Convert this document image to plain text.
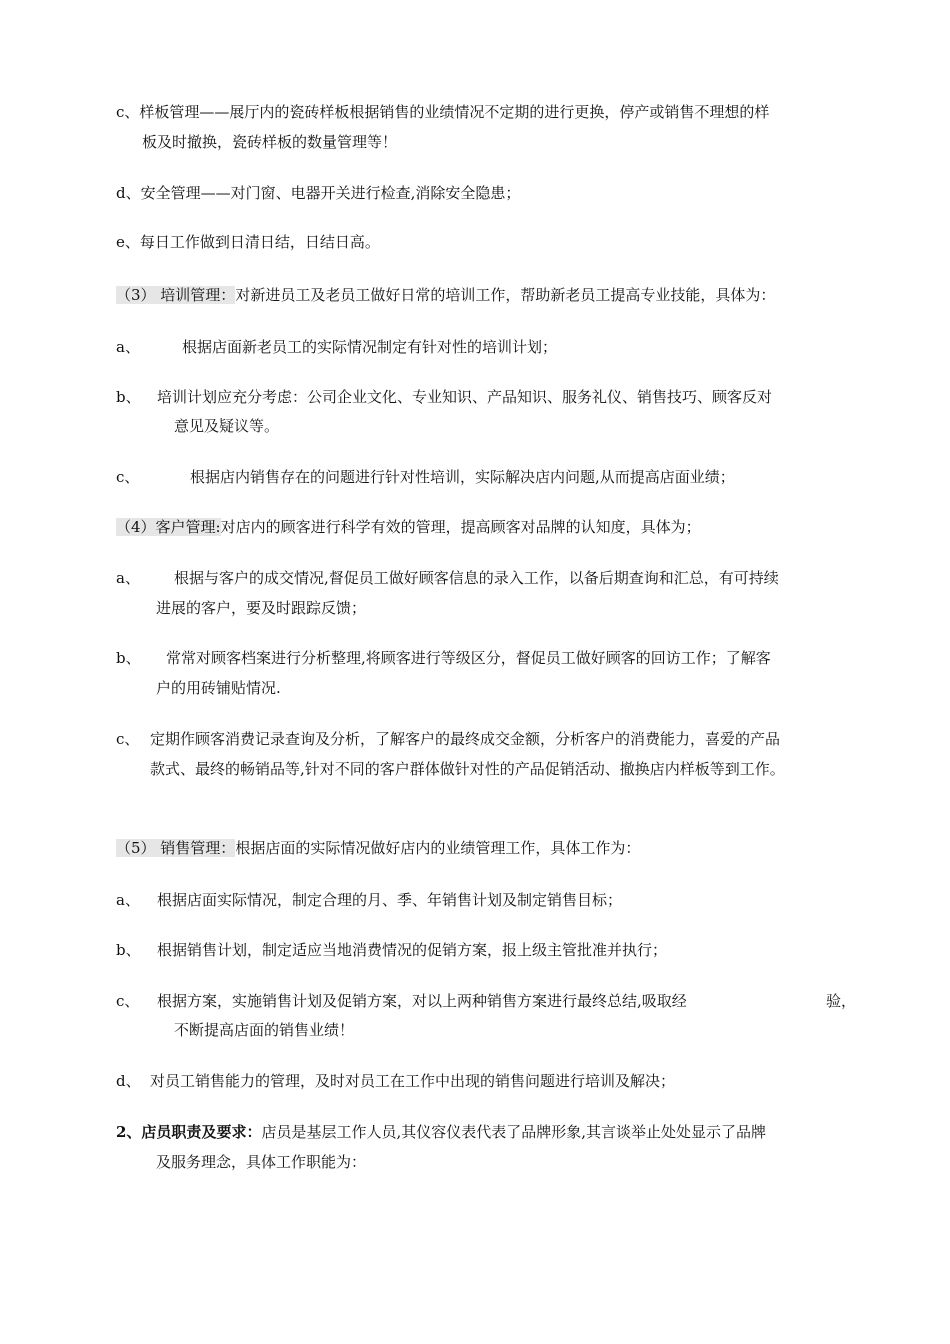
c、样板管理——展厅内的瓷砖样板根据销售的业绩情况不定期的进行更换，停产或销售不理想的样
板及时撤换，瓷砖样板的数量管理等！
d、安全管理——对门窗、电器开关进行检查,消除安全隐患；
e、每日工作做到日清日结，日结日高。
（3） 培训管理：对新进员工及老员工做好日常的培训工作，帮助新老员工提高专业技能，具体为：
a、	根据店面新老员工的实际情况制定有针对性的培训计划；
b、 培训计划应充分考虑：公司企业文化、专业知识、产品知识、服务礼仪、销售技巧、顾客反对
意见及疑议等。
c、	根据店内销售存在的问题进行针对性培训，实际解决店内问题,从而提高店面业绩；
（4）客户管理:对店内的顾客进行科学有效的管理，提高顾客对品牌的认知度，具体为；
a、 根据与客户的成交情况,督促员工做好顾客信息的录入工作，以备后期查询和汇总，有可持续
进展的客户，要及时跟踪反馈；
b、 常常对顾客档案进行分析整理,将顾客进行等级区分，督促员工做好顾客的回访工作；了解客
户的用砖铺贴情况.
c、 定期作顾客消费记录查询及分析，了解客户的最终成交金额，分析客户的消费能力，喜爱的产品
款式、最终的畅销品等,针对不同的客户群体做针对性的产品促销活动、撤换店内样板等到工作。
（5） 销售管理：根据店面的实际情况做好店内的业绩管理工作，具体工作为：
a、 根据店面实际情况，制定合理的月、季、年销售计划及制定销售目标；
b、 根据销售计划，制定适应当地消费情况的促销方案，报上级主管批准并执行；
c、 根据方案，实施销售计划及促销方案，对以上两种销售方案进行最终总结,吸取经	验，
不断提高店面的销售业绩！
d、 对员工销售能力的管理，及时对员工在工作中出现的销售问题进行培训及解决；
2、店员职责及要求：店员是基层工作人员,其仪容仪表代表了品牌形象,其言谈举止处处显示了品牌
及服务理念，具体工作职能为：
